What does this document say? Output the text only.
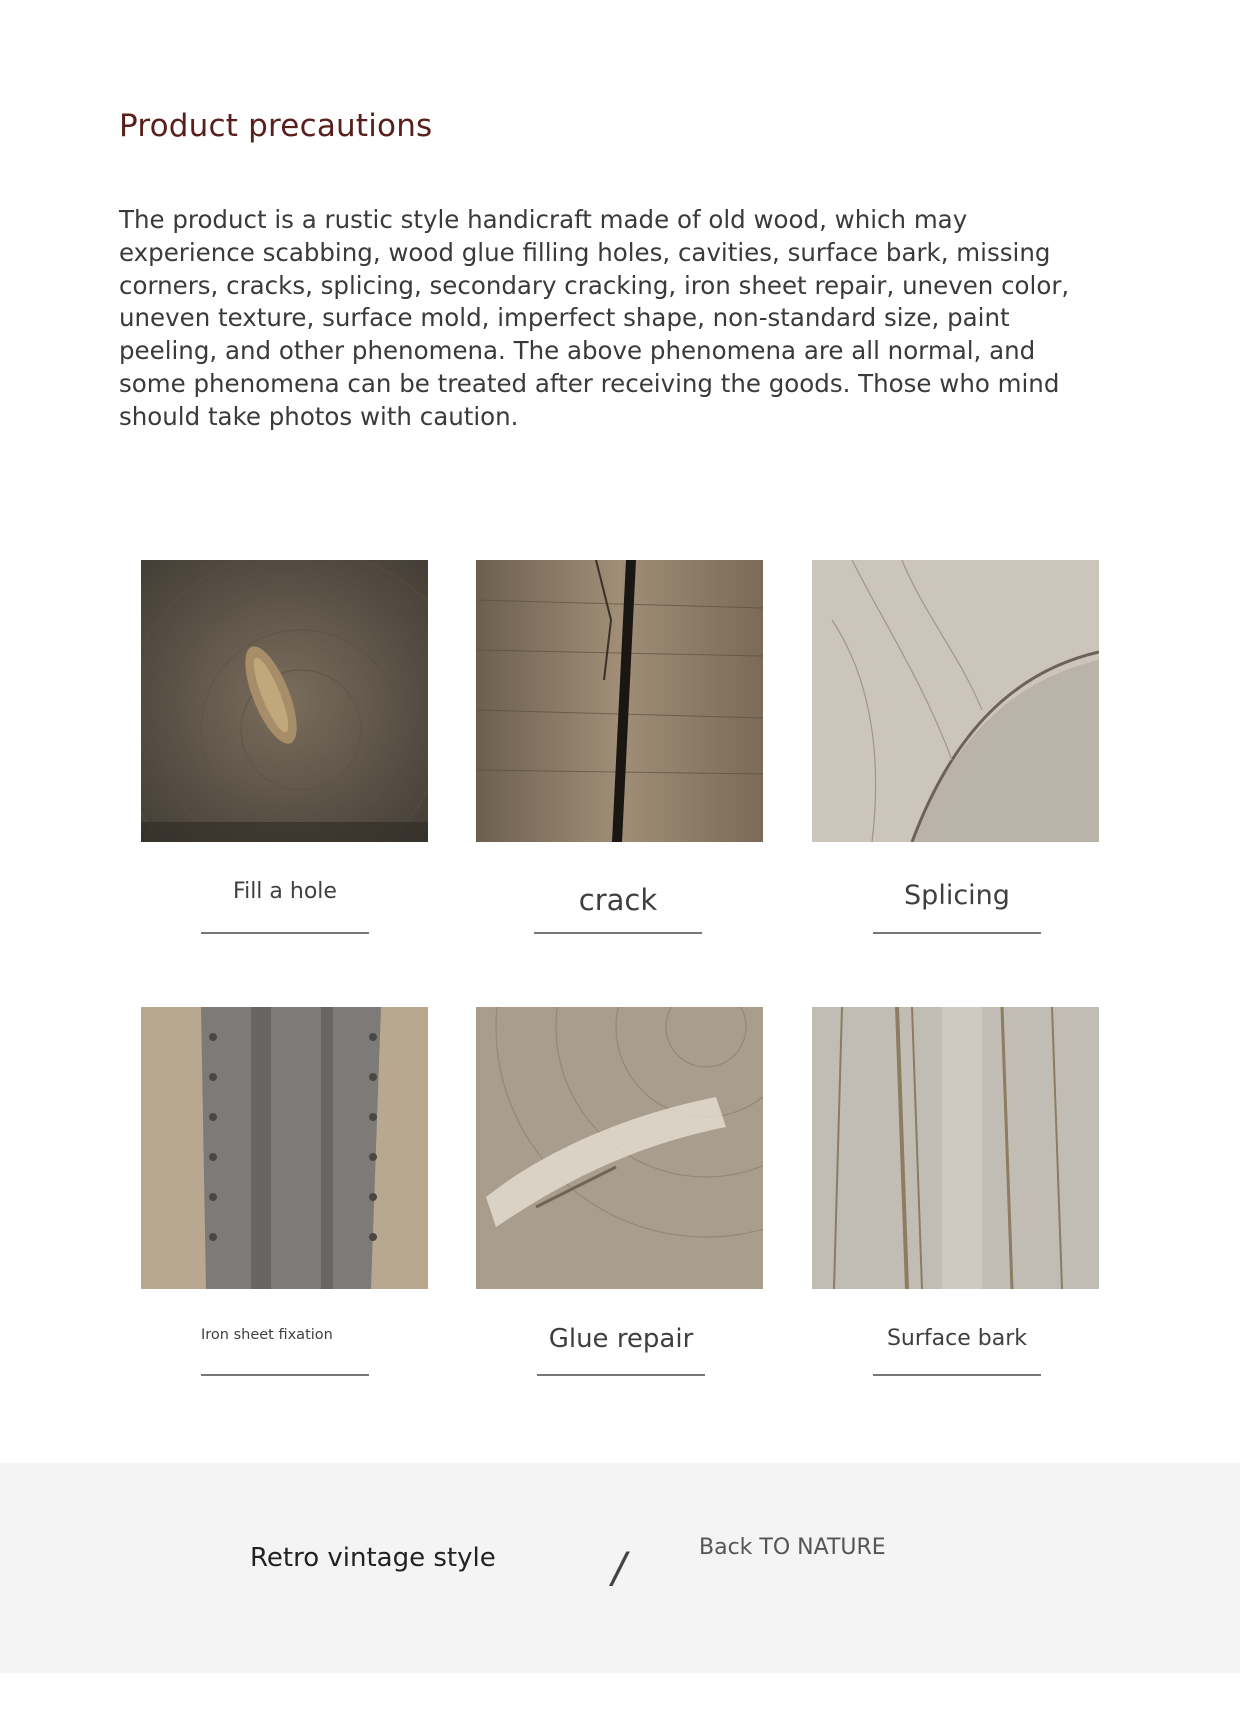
Product precautions

The product is a rustic style handicraft made of old wood, which may experience scabbing, wood glue filling holes, cavities, surface bark, missing corners, cracks, splicing, secondary cracking, iron sheet repair, uneven color, uneven texture, surface mold, imperfect shape, non-standard size, paint peeling, and other phenomena. The above phenomena are all normal, and some phenomena can be treated after receiving the goods. Those who mind should take photos with caution.

Fill a hole	crack	Splicing
Iron sheet fixation	Glue repair	Surface bark
Retro vintage style	/	Back TO NATURE
